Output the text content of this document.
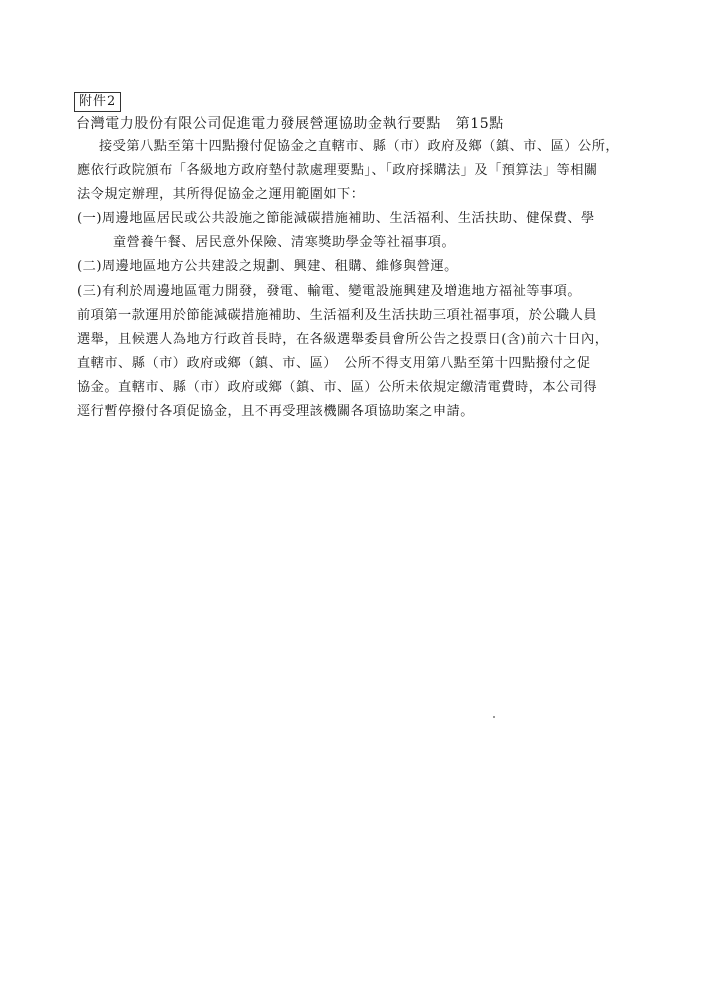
附件2
台灣電力股份有限公司促進電力發展營運協助金執行要點　第15點
接受第八點至第十四點撥付促協金之直轄市、縣（市）政府及鄉（鎮、市、區）公所，
應依行政院頒布「各級地方政府墊付款處理要點」、「政府採購法」及「預算法」等相關
法令規定辦理，其所得促協金之運用範圍如下：
(一)周邊地區居民或公共設施之節能減碳措施補助、生活福利、生活扶助、健保費、學
童營養午餐、居民意外保險、清寒獎助學金等社福事項。
(二)周邊地區地方公共建設之規劃、興建、租購、維修與營運。
(三)有利於周邊地區電力開發，發電、輸電、變電設施興建及增進地方福祉等事項。
前項第一款運用於節能減碳措施補助、生活福利及生活扶助三項社福事項，於公職人員
選舉，且候選人為地方行政首長時，在各級選舉委員會所公告之投票日(含)前六十日內，
直轄市、縣（市）政府或鄉（鎮、市、區）　公所不得支用第八點至第十四點撥付之促
協金。直轄市、縣（市）政府或鄉（鎮、市、區）公所未依規定繳清電費時，本公司得
逕行暫停撥付各項促協金，且不再受理該機關各項協助案之申請。
